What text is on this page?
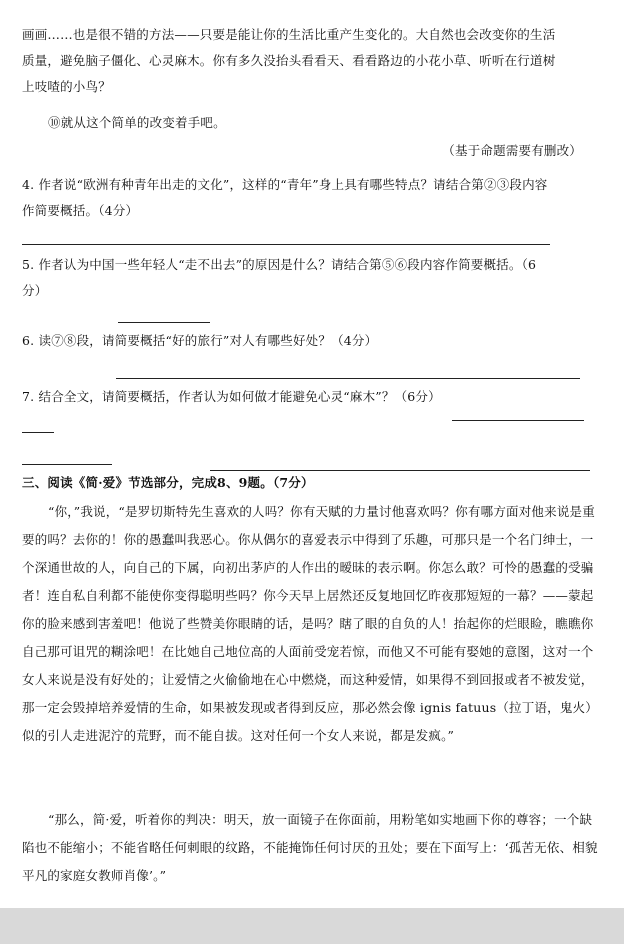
画画……也是很不错的方法——只要是能让你的生活比重产生变化的。大自然也会改变你的生活
质量，避免脑子僵化、心灵麻木。你有多久没抬头看看天、看看路边的小花小草、听听在行道树
上吱喳的小鸟？
⑩就从这个简单的改变着手吧。
（基于命题需要有删改）
4. 作者说“欧洲有种青年出走的文化”，这样的“青年”身上具有哪些特点？请结合第②③段内容
作简要概括。（4分）
5. 作者认为中国一些年轻人“走不出去”的原因是什么？请结合第⑤⑥段内容作简要概括。（6
分）
6. 读⑦⑧段，请简要概括“好的旅行”对人有哪些好处？（4分）
7. 结合全文，请简要概括，作者认为如何做才能避免心灵“麻木”？（6分）
三、阅读《简·爱》节选部分，完成8、9题。（7分）
“你，”我说，“是罗切斯特先生喜欢的人吗？你有天赋的力量讨他喜欢吗？你有哪方面对他来说是重要的吗？去你的！你的愚蠢叫我恶心。你从偶尔的喜爱表示中得到了乐趣，可那只是一个名门绅士，一个深通世故的人，向自己的下属，向初出茅庐的人作出的暧昧的表示啊。你怎么敢？可怜的愚蠢的受骗者！连自私自利都不能使你变得聪明些吗？你今天早上居然还反复地回忆昨夜那短短的一幕？——蒙起你的脸来感到害羞吧！他说了些赞美你眼睛的话，是吗？瞎了眼的自负的人！抬起你的烂眼睑，瞧瞧你自己那可诅咒的糊涂吧！在比她自己地位高的人面前受宠若惊，而他又不可能有娶她的意图，这对一个女人来说是没有好处的；让爱情之火偷偷地在心中燃烧，而这种爱情，如果得不到回报或者不被发觉，那一定会毁掉培养爱情的生命，如果被发现或者得到反应，那必然会像 ignis fatuus（拉丁语，鬼火）似的引人走进泥泞的荒野，而不能自拔。这对任何一个女人来说，都是发疯。”
“那么，简·爱，听着你的判决：明天，放一面镜子在你面前，用粉笔如实地画下你的尊容；一个缺陷也不能缩小；不能省略任何刺眼的纹路，不能掩饰任何讨厌的丑处；要在下面写上：‘孤苦无依、相貌平凡的家庭女教师肖像’。”
